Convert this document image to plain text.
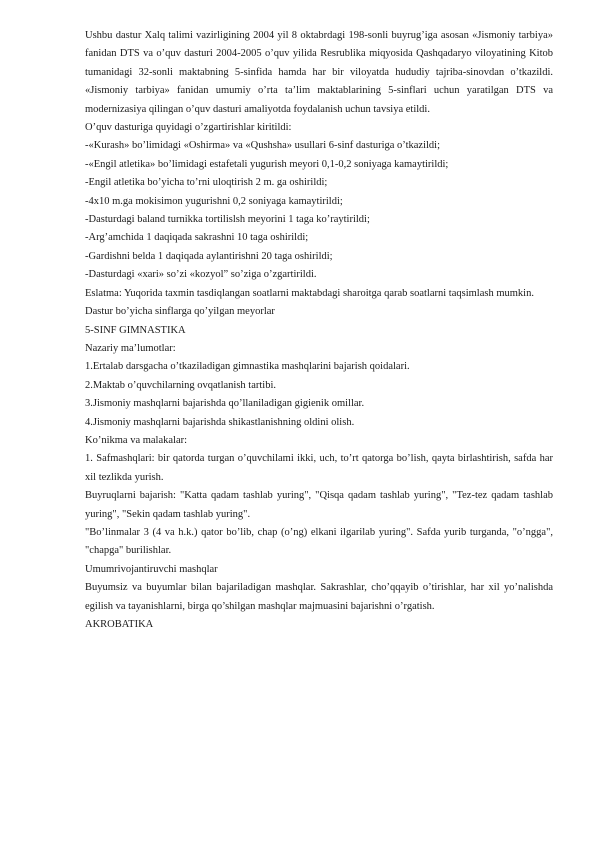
Ushbu dastur Xalq talimi vazirligining 2004 yil 8 oktabrdagi 198-sonli buyrug’iga asosan «Jismoniy tarbiya» fanidan DTS va o’quv dasturi 2004-2005 o’quv yilida Resrublika miqyosida Qashqadaryo viloyatining Kitob tumanidagi 32-sonli maktabning 5-sinfida hamda har bir viloyatda hududiy tajriba-sinovdan o’tkazildi. «Jismoniy tarbiya» fanidan umumiy o’rta ta’lim maktablarining 5-sinflari uchun yaratilgan DTS va modernizasiya qilingan o’quv dasturi amaliyotda foydalanish uchun tavsiya etildi.

O’quv dasturiga quyidagi o’zgartirishlar kiritildi:

-«Kurash» bo’limidagi «Oshirma» va «Qushsha» usullari 6-sinf dasturiga o’tkazildi;

-«Engil atletika» bo’limidagi estafetali yugurish meyori 0,1-0,2 soniyaga kamaytirildi;

-Engil atletika bo’yicha to’rni uloqtirish 2 m. ga oshirildi;

-4x10 m.ga mokisimon yugurishni 0,2 soniyaga kamaytirildi;

-Dasturdagi baland turnikka tortilislsh meyorini 1 taga ko’raytirildi;

-Arg’amchida 1 daqiqada sakrashni 10 taga oshirildi;

-Gardishni belda 1 daqiqada aylantirishni 20 taga oshirildi;

-Dasturdagi «xari» so’zi «kozyol” so’ziga o’zgartirildi.

Eslatma: Yuqorida taxmin tasdiqlangan soatlarni maktabdagi sharoitga qarab soatlarni taqsimlash mumkin.

Dastur bo’yicha sinflarga qo’yilgan meyorlar

5-SINF GIMNASTIKA

Nazariy ma’lumotlar:

1.Ertalab darsgacha o’tkaziladigan gimnastika mashqlarini bajarish qoidalari.

2.Maktab o’quvchilarning ovqatlanish tartibi.

3.Jismoniy mashqlarni bajarishda qo’llaniladigan gigienik omillar.

4.Jismoniy mashqlarni bajarishda shikastlanishning oldini olish.

Ko’nikma va malakalar:

1. Safmashqlari: bir qatorda turgan o’quvchilami ikki, uch, to’rt qatorga bo’lish, qayta birlashtirish, safda har xil tezlikda yurish.

Buyruqlarni bajarish: "Katta qadam tashlab yuring", "Qisqa qadam tashlab yuring", "Tez-tez qadam tashlab yuring", "Sekin qadam tashlab yuring".

"Bo’linmalar 3 (4 va h.k.) qator bo’lib, chap (o’ng) elkani ilgarilab yuring". Safda yurib turganda, "o’ngga", "chapga" burilishlar.

Umumrivojantiruvchi mashqlar

Buyumsiz va buyumlar bilan bajariladigan mashqlar. Sakrashlar, cho’qqayib o’tirishlar, har xil yo’nalishda egilish va tayanishlarni, birga qo’shilgan mashqlar majmuasini bajarishni o’rgatish.

AKROBATIKA
